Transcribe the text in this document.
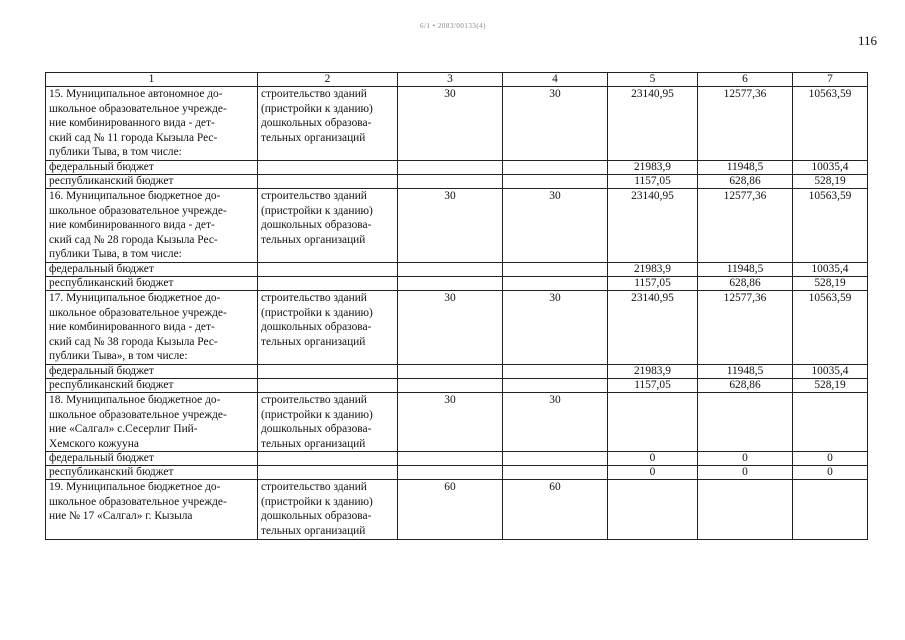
6/1 • 2083/00133(4)
116
1	2	3	4	5	6	7
15. Муниципальное автономное до-
школьное образовательное учрежде-
ние комбинированного вида - дет-
ский сад № 11 города Кызыла Рес-
публики Тыва, в том числе:	строительство зданий
(пристройки к зданию)
дошкольных образова-
тельных организаций	30	30	23140,95	12577,36	10563,59
федеральный бюджет				21983,9	11948,5	10035,4
республиканский бюджет				1157,05	628,86	528,19
16. Муниципальное бюджетное до-
школьное образовательное учрежде-
ние комбинированного вида - дет-
ский сад № 28 города Кызыла Рес-
публики Тыва, в том числе:	строительство зданий
(пристройки к зданию)
дошкольных образова-
тельных организаций	30	30	23140,95	12577,36	10563,59
федеральный бюджет				21983,9	11948,5	10035,4
республиканский бюджет				1157,05	628,86	528,19
17. Муниципальное бюджетное до-
школьное образовательное учрежде-
ние комбинированного вида - дет-
ский сад № 38 города Кызыла Рес-
публики Тыва», в том числе:	строительство зданий
(пристройки к зданию)
дошкольных образова-
тельных организаций	30	30	23140,95	12577,36	10563,59
федеральный бюджет				21983,9	11948,5	10035,4
республиканский бюджет				1157,05	628,86	528,19
18. Муниципальное бюджетное до-
школьное образовательное учрежде-
ние «Салгал» с.Сесерлиг Пий-
Хемского кожууна	строительство зданий
(пристройки к зданию)
дошкольных образова-
тельных организаций	30	30			
федеральный бюджет				0	0	0
республиканский бюджет				0	0	0
19. Муниципальное бюджетное до-
школьное образовательное учрежде-
ние № 17 «Салгал» г. Кызыла	строительство зданий
(пристройки к зданию)
дошкольных образова-
тельных организаций	60	60			
